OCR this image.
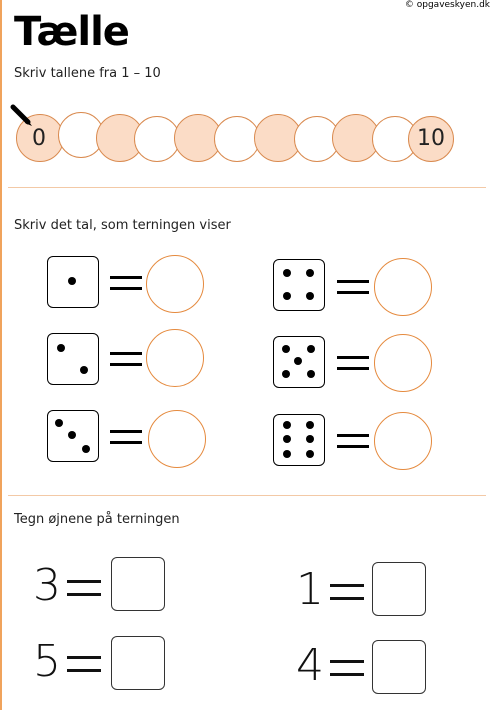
© opgaveskyen.dk
Tælle
Skriv tallene fra 1 – 10
0	10
Skriv det tal, som terningen viser
Tegn øjnene på terningen
3	1
5	4
